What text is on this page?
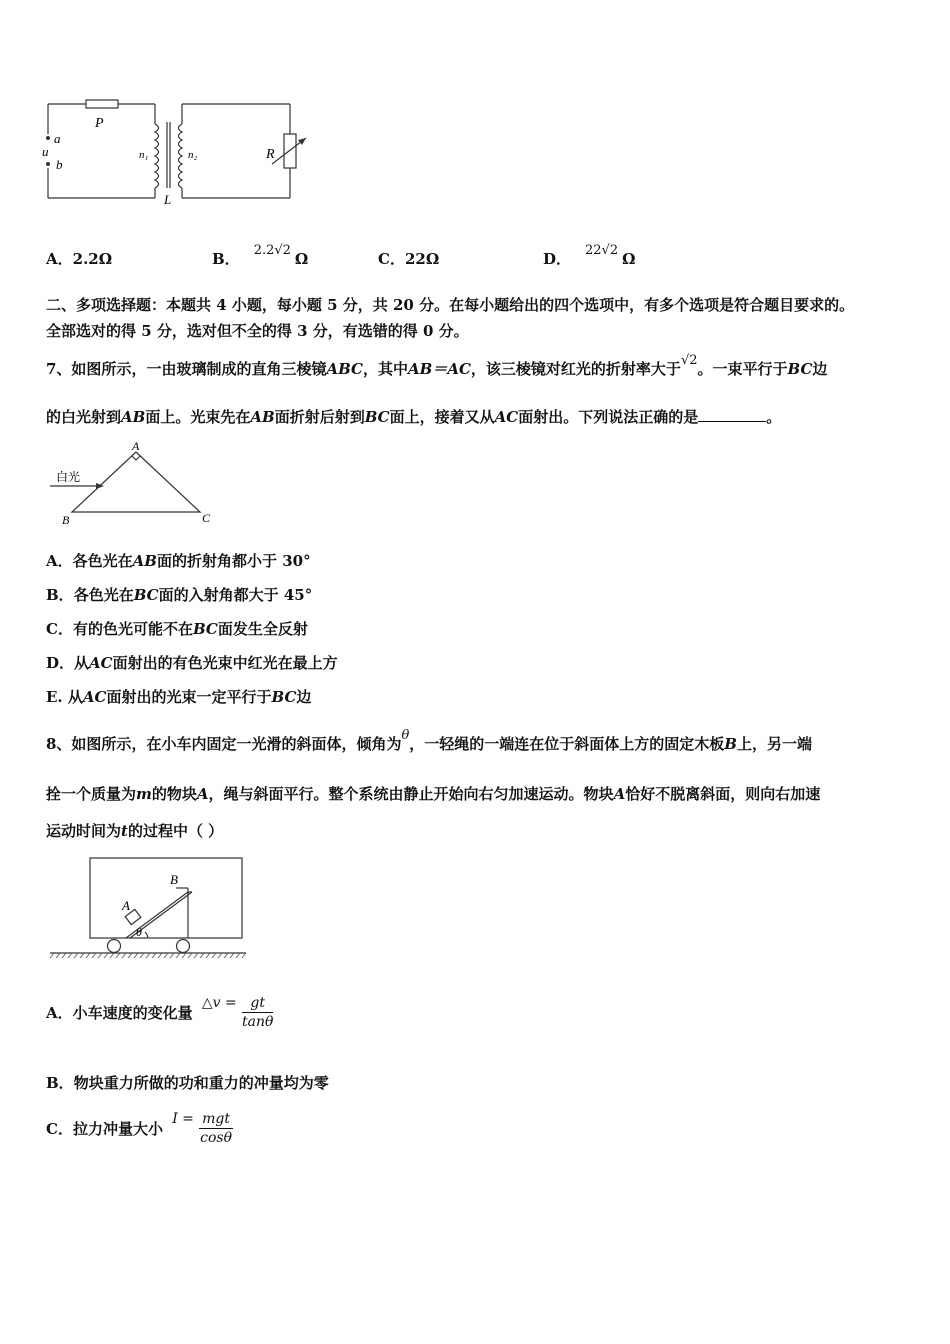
P
a
u
b
n₁	n₂
L
R
A．2.2Ω	B． 2.2√2 Ω	C．22Ω	D． 22√2 Ω
二、多项选择题：本题共 4 小题，每小题 5 分，共 20 分。在每小题给出的四个选项中，有多个选项是符合题目要求的。
全部选对的得 5 分，选对但不全的得 3 分，有选错的得 0 分。
7、如图所示，一由玻璃制成的直角三棱镜ABC，其中AB＝AC，该三棱镜对红光的折射率大于√2。一束平行于BC边
的白光射到AB面上。光束先在AB面折射后射到BC面上，接着又从AC面射出。下列说法正确的是	。
A
B	C
白光
A．各色光在AB面的折射角都小于 30°
B．各色光在BC面的入射角都大于 45°
C．有的色光可能不在BC面发生全反射
D．从AC面射出的有色光束中红光在最上方
E. 从AC面射出的光束一定平行于BC边
8、如图所示，在小车内固定一光滑的斜面体，倾角为θ，一轻绳的一端连在位于斜面体上方的固定木板B上，另一端
拴一个质量为m的物块A，绳与斜面平行。整个系统由静止开始向右匀加速运动。物块A恰好不脱离斜面，则向右加速
运动时间为t的过程中（ ）
A
B
θ
A．小车速度的变化量 △v = $\frac{gt}{\tan\theta}$
B．物块重力所做的功和重力的冲量均为零
C．拉力冲量大小 $I = \frac{\text{mgt}}{\cos\theta}$
